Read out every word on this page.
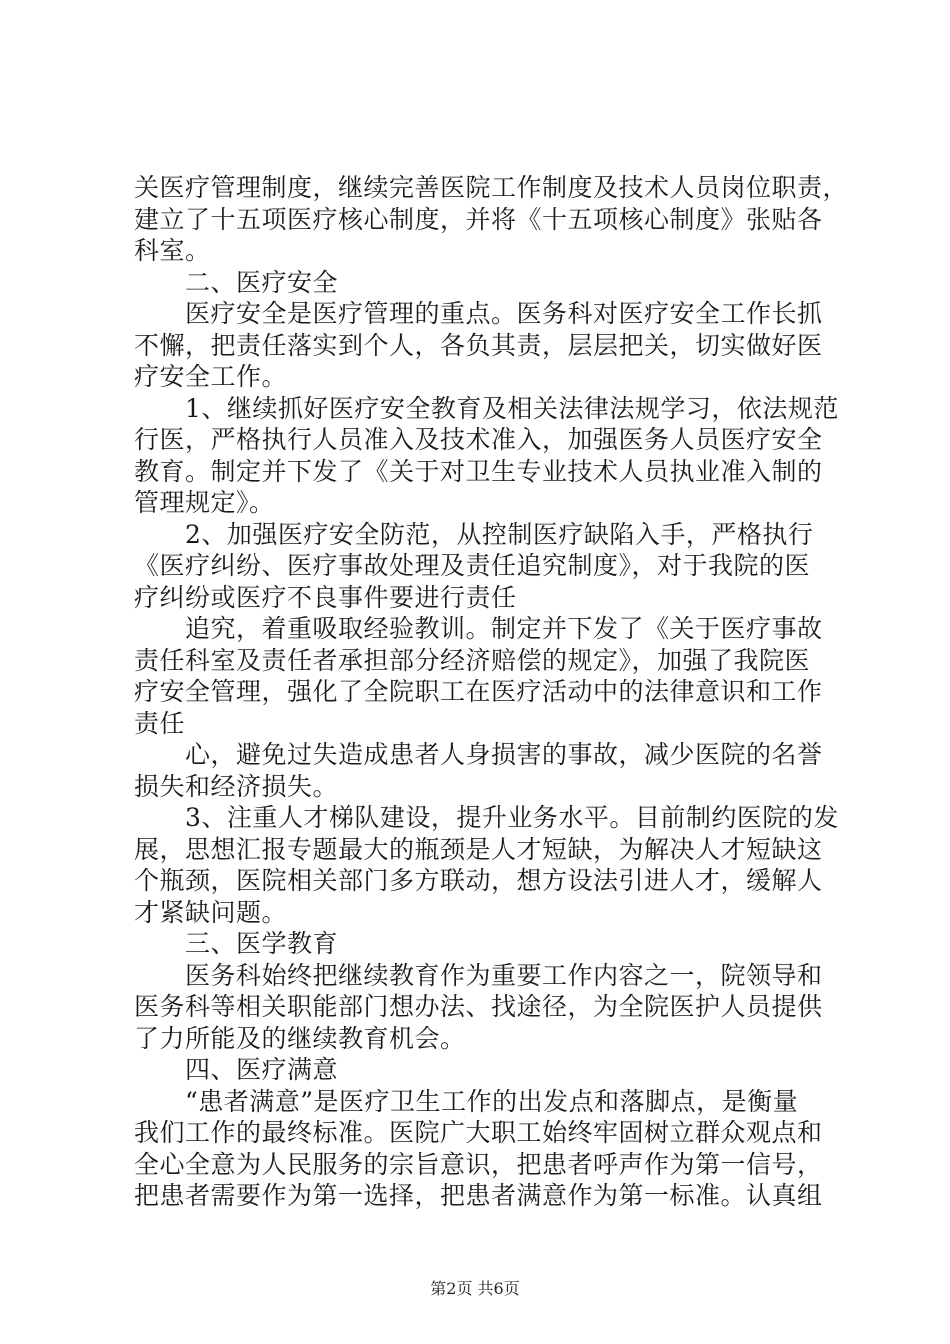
关医疗管理制度，继续完善医院工作制度及技术人员岗位职责，
建立了十五项医疗核心制度，并将《十五项核心制度》张贴各
科室。
　　二、医疗安全
　　医疗安全是医疗管理的重点。医务科对医疗安全工作长抓
不懈，把责任落实到个人，各负其责，层层把关，切实做好医
疗安全工作。
　　1、继续抓好医疗安全教育及相关法律法规学习，依法规范
行医，严格执行人员准入及技术准入，加强医务人员医疗安全
教育。制定并下发了《关于对卫生专业技术人员执业准入制的
管理规定》。
　　2、加强医疗安全防范，从控制医疗缺陷入手，严格执行
《医疗纠纷、医疗事故处理及责任追究制度》，对于我院的医
疗纠纷或医疗不良事件要进行责任
　　追究，着重吸取经验教训。制定并下发了《关于医疗事故
责任科室及责任者承担部分经济赔偿的规定》，加强了我院医
疗安全管理，强化了全院职工在医疗活动中的法律意识和工作
责任
　　心，避免过失造成患者人身损害的事故，减少医院的名誉
损失和经济损失。
　　3、注重人才梯队建设，提升业务水平。目前制约医院的发
展，思想汇报专题最大的瓶颈是人才短缺，为解决人才短缺这
个瓶颈，医院相关部门多方联动，想方设法引进人才，缓解人
才紧缺问题。
　　三、医学教育
　　医务科始终把继续教育作为重要工作内容之一，院领导和
医务科等相关职能部门想办法、找途径，为全院医护人员提供
了力所能及的继续教育机会。
　　四、医疗满意
　　“患者满意”是医疗卫生工作的出发点和落脚点，是衡量
我们工作的最终标准。医院广大职工始终牢固树立群众观点和
全心全意为人民服务的宗旨意识，把患者呼声作为第一信号，
把患者需要作为第一选择，把患者满意作为第一标准。认真组
第2页 共6页
